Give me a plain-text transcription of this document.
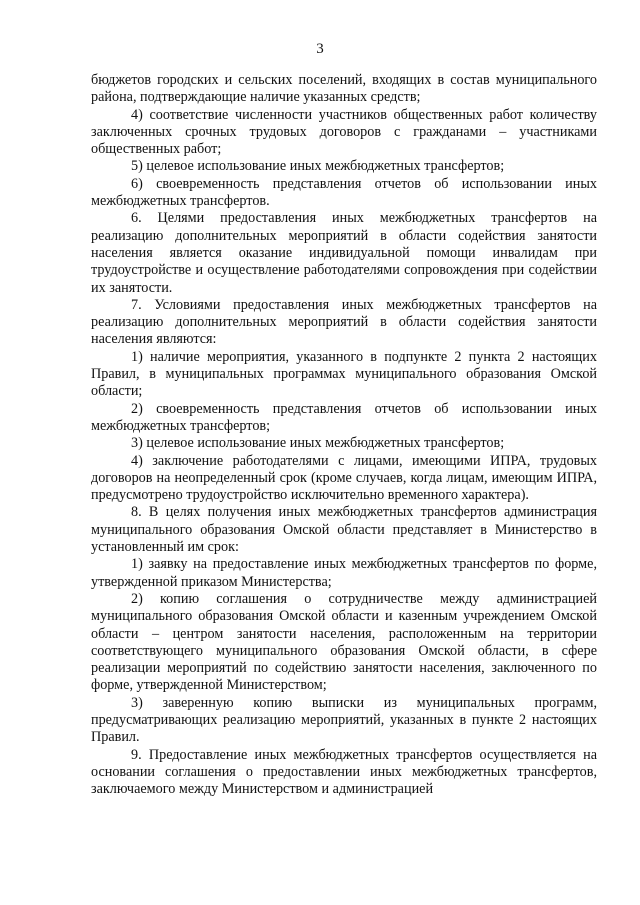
3

бюджетов городских и сельских поселений, входящих в состав муниципального района, подтверждающие наличие указанных средств;

4) соответствие численности участников общественных работ количеству заключенных срочных трудовых договоров с гражданами – участниками общественных работ;

5) целевое использование иных межбюджетных трансфертов;

6) своевременность представления отчетов об использовании иных межбюджетных трансфертов.

6. Целями предоставления иных межбюджетных трансфертов на реализацию дополнительных мероприятий в области содействия занятости населения является оказание индивидуальной помощи инвалидам при трудоустройстве и осуществление работодателями сопровождения при содействии их занятости.

7. Условиями предоставления иных межбюджетных трансфертов на реализацию дополнительных мероприятий в области содействия занятости населения являются:

1) наличие мероприятия, указанного в подпункте 2 пункта 2 настоящих Правил, в муниципальных программах муниципального образования Омской области;

2) своевременность представления отчетов об использовании иных межбюджетных трансфертов;

3) целевое использование иных межбюджетных трансфертов;

4) заключение работодателями с лицами, имеющими ИПРА, трудовых договоров на неопределенный срок (кроме случаев, когда лицам, имеющим ИПРА, предусмотрено трудоустройство исключительно временного характера).

8. В целях получения иных межбюджетных трансфертов администрация муниципального образования Омской области представляет в Министерство в установленный им срок:

1) заявку на предоставление иных межбюджетных трансфертов по форме, утвержденной приказом Министерства;

2) копию соглашения о сотрудничестве между администрацией муниципального образования Омской области и казенным учреждением Омской области – центром занятости населения, расположенным на территории соответствующего муниципального образования Омской области, в сфере реализации мероприятий по содействию занятости населения, заключенного по форме, утвержденной Министерством;

3) заверенную копию выписки из муниципальных программ, предусматривающих реализацию мероприятий, указанных в пункте 2 настоящих Правил.

9. Предоставление иных межбюджетных трансфертов осуществляется на основании соглашения о предоставлении иных межбюджетных трансфертов, заключаемого между Министерством и администрацией
